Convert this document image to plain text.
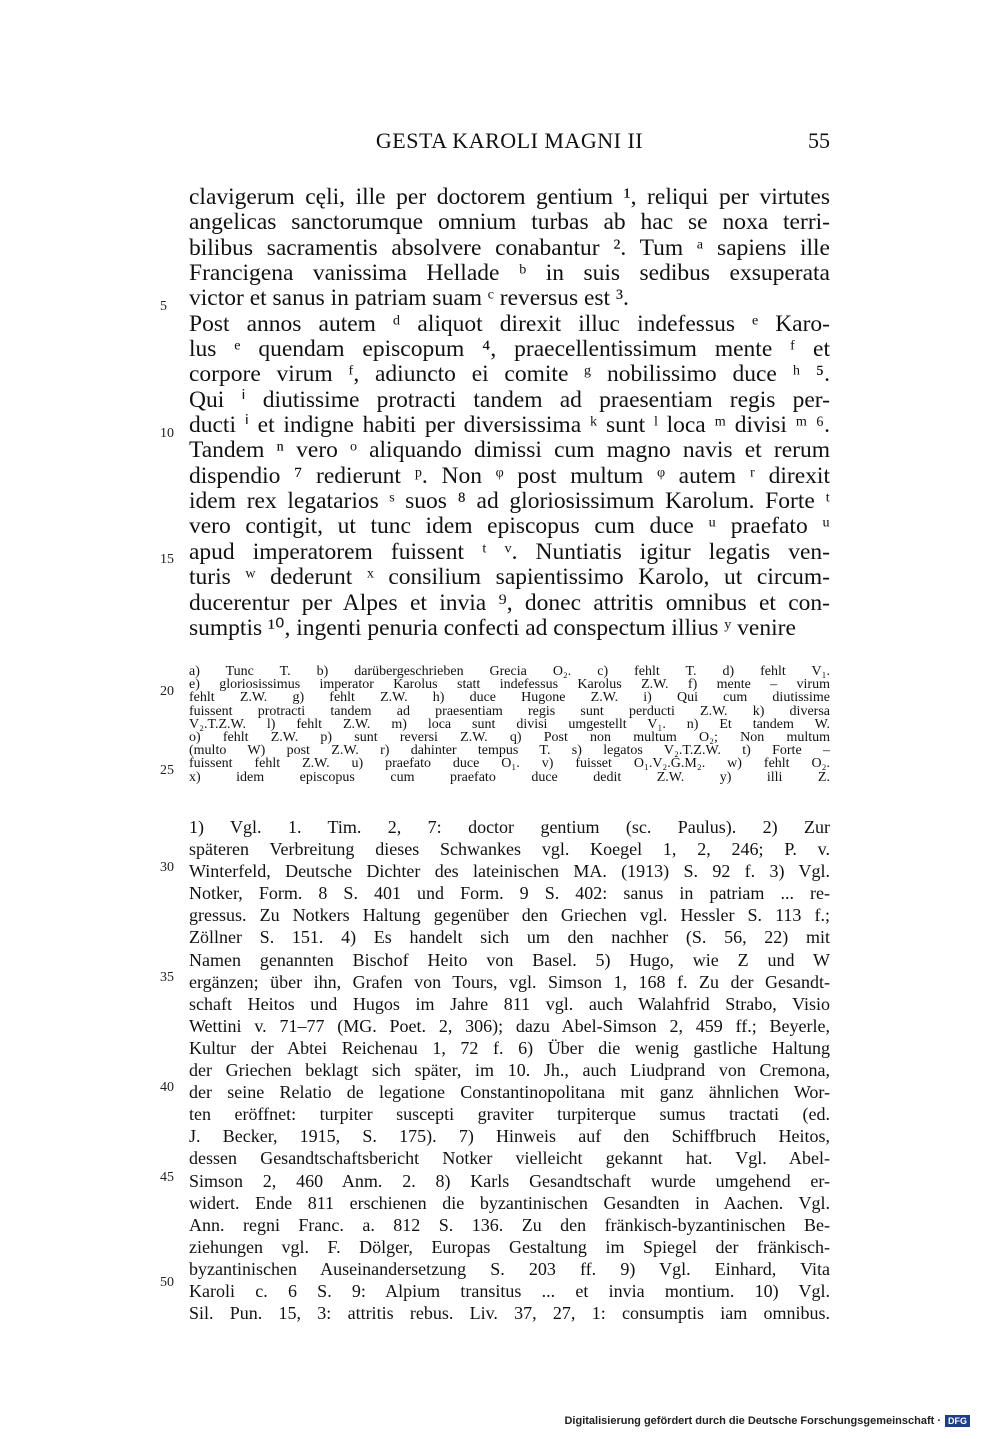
GESTA KAROLI MAGNI II	55
clavigerum cęli, ille per doctorem gentium ¹, reliqui per virtutes
angelicas sanctorumque omnium turbas ab hac se noxa terri-
bilibus sacramentis absolvere conabantur ². Tum ᵃ sapiens ille
Francigena vanissima Hellade ᵇ in suis sedibus exsuperata
victor et sanus in patriam suam ᶜ reversus est ³.
Post annos autem ᵈ aliquot direxit illuc indefessus ᵉ Karo-
lus ᵉ quendam episcopum ⁴, praecellentissimum mente ᶠ et
corpore virum ᶠ, adiuncto ei comite ᵍ nobilissimo duce ʰ ⁵.
Qui ⁱ diutissime protracti tandem ad praesentiam regis per-
ducti ⁱ et indigne habiti per diversissima ᵏ sunt ˡ loca ᵐ divisi ᵐ ⁶.
Tandem ⁿ vero ᵒ aliquando dimissi cum magno navis et rerum
dispendio ⁷ redierunt ᵖ. Non ᵠ post multum ᵠ autem ʳ direxit
idem rex legatarios ˢ suos ⁸ ad gloriosissimum Karolum. Forte ᵗ
vero contigit, ut tunc idem episcopus cum duce ᵘ praefato ᵘ
apud imperatorem fuissent ᵗ ᵛ. Nuntiatis igitur legatis ven-
turis ʷ dederunt ˣ consilium sapientissimo Karolo, ut circum-
ducerentur per Alpes et invia ⁹, donec attritis omnibus et con-
sumptis ¹⁰, ingenti penuria confecti ad conspectum illius ʸ venire
a) Tunc T. b) darübergeschrieben Grecia O₂. c) fehlt T. d) fehlt V₁.
e) gloriosissimus imperator Karolus statt indefessus Karolus Z.W. f) mente – virum
fehlt Z.W. g) fehlt Z.W. h) duce Hugone Z.W. i) Qui cum diutissime
fuissent protracti tandem ad praesentiam regis sunt perducti Z.W. k) diversa
V₂.T.Z.W. l) fehlt Z.W. m) loca sunt divisi umgestellt V₁. n) Et tandem W.
o) fehlt Z.W. p) sunt reversi Z.W. q) Post non multum O₂; Non multum
(multo W) post Z.W. r) dahinter tempus T. s) legatos V₂.T.Z.W. t) Forte –
fuissent fehlt Z.W. u) praefato duce O₁. v) fuisset O₁.V₂.G.M₂. w) fehlt O₂.
x) idem episcopus cum praefato duce dedit Z.W. y) illi Z.
1) Vgl. 1. Tim. 2, 7: doctor gentium (sc. Paulus). 2) Zur
späteren Verbreitung dieses Schwankes vgl. Koegel 1, 2, 246; P. v.
Winterfeld, Deutsche Dichter des lateinischen MA. (1913) S. 92 f. 3) Vgl.
Notker, Form. 8 S. 401 und Form. 9 S. 402: sanus in patriam ... re-
gressus. Zu Notkers Haltung gegenüber den Griechen vgl. Hessler S. 113 f.;
Zöllner S. 151. 4) Es handelt sich um den nachher (S. 56, 22) mit
Namen genannten Bischof Heito von Basel. 5) Hugo, wie Z und W
ergänzen; über ihn, Grafen von Tours, vgl. Simson 1, 168 f. Zu der Gesandt-
schaft Heitos und Hugos im Jahre 811 vgl. auch Walahfrid Strabo, Visio
Wettini v. 71–77 (MG. Poet. 2, 306); dazu Abel-Simson 2, 459 ff.; Beyerle,
Kultur der Abtei Reichenau 1, 72 f. 6) Über die wenig gastliche Haltung
der Griechen beklagt sich später, im 10. Jh., auch Liudprand von Cremona,
der seine Relatio de legatione Constantinopolitana mit ganz ähnlichen Wor-
ten eröffnet: turpiter suscepti graviter turpiterque sumus tractati (ed.
J. Becker, 1915, S. 175). 7) Hinweis auf den Schiffbruch Heitos,
dessen Gesandtschaftsbericht Notker vielleicht gekannt hat. Vgl. Abel-
Simson 2, 460 Anm. 2. 8) Karls Gesandtschaft wurde umgehend er-
widert. Ende 811 erschienen die byzantinischen Gesandten in Aachen. Vgl.
Ann. regni Franc. a. 812 S. 136. Zu den fränkisch-byzantinischen Be-
ziehungen vgl. F. Dölger, Europas Gestaltung im Spiegel der fränkisch-
byzantinischen Auseinandersetzung S. 203 ff. 9) Vgl. Einhard, Vita
Karoli c. 6 S. 9: Alpium transitus ... et invia montium. 10) Vgl.
Sil. Pun. 15, 3: attritis rebus. Liv. 37, 27, 1: consumptis iam omnibus.
5
10
15
20
25
30
35
40
45
50
Digitalisierung gefördert durch die Deutsche Forschungsgemeinschaft · DFG
